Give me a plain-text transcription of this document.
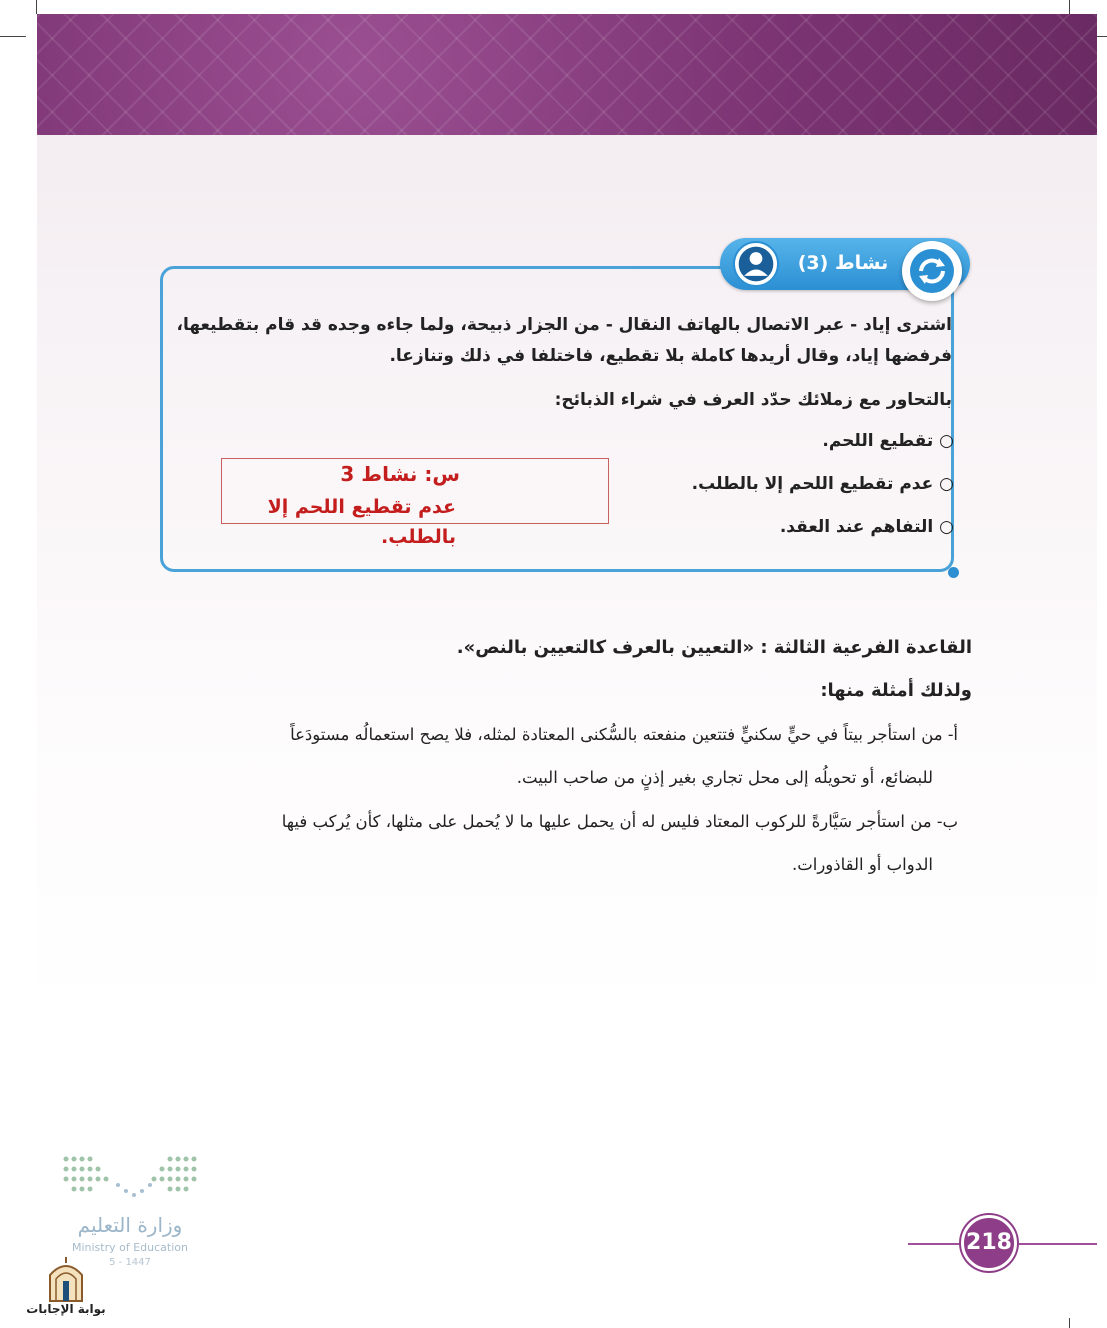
نشاط (3)
اشترى إياد - عبر الاتصال بالهاتف النقال - من الجزار ذبيحة، ولما جاءه وجده قد قام بتقطيعها،
فرفضها إياد، وقال أريدها كاملة بلا تقطيع، فاختلفا في ذلك وتنازعا.
بالتحاور مع زملائك حدّد العرف في شراء الذبائح:
○ تقطيع اللحم.
○ عدم تقطيع اللحم إلا بالطلب.
○ التفاهم عند العقد.
س: نشاط 3
عدم تقطيع اللحم إلا بالطلب.
القاعدة الفرعية الثالثة : «التعيين بالعرف كالتعيين بالنص».
ولذلك أمثلة منها:
أ- من استأجر بيتاً في حيٍّ سكنيٍّ فتتعين منفعته بالسُّكنى المعتادة لمثله، فلا يصح استعمالُه مستودَعاً
للبضائع، أو تحويلُه إلى محل تجاري بغير إذنٍ من صاحب البيت.
ب- من استأجر سَيَّارةً للركوب المعتاد فليس له أن يحمل عليها ما لا يُحمل على مثلها، كأن يُركب فيها
الدواب أو القاذورات.
218
وزارة التعليم
Ministry of Education
5 - 1447
بوابة الإجابات
